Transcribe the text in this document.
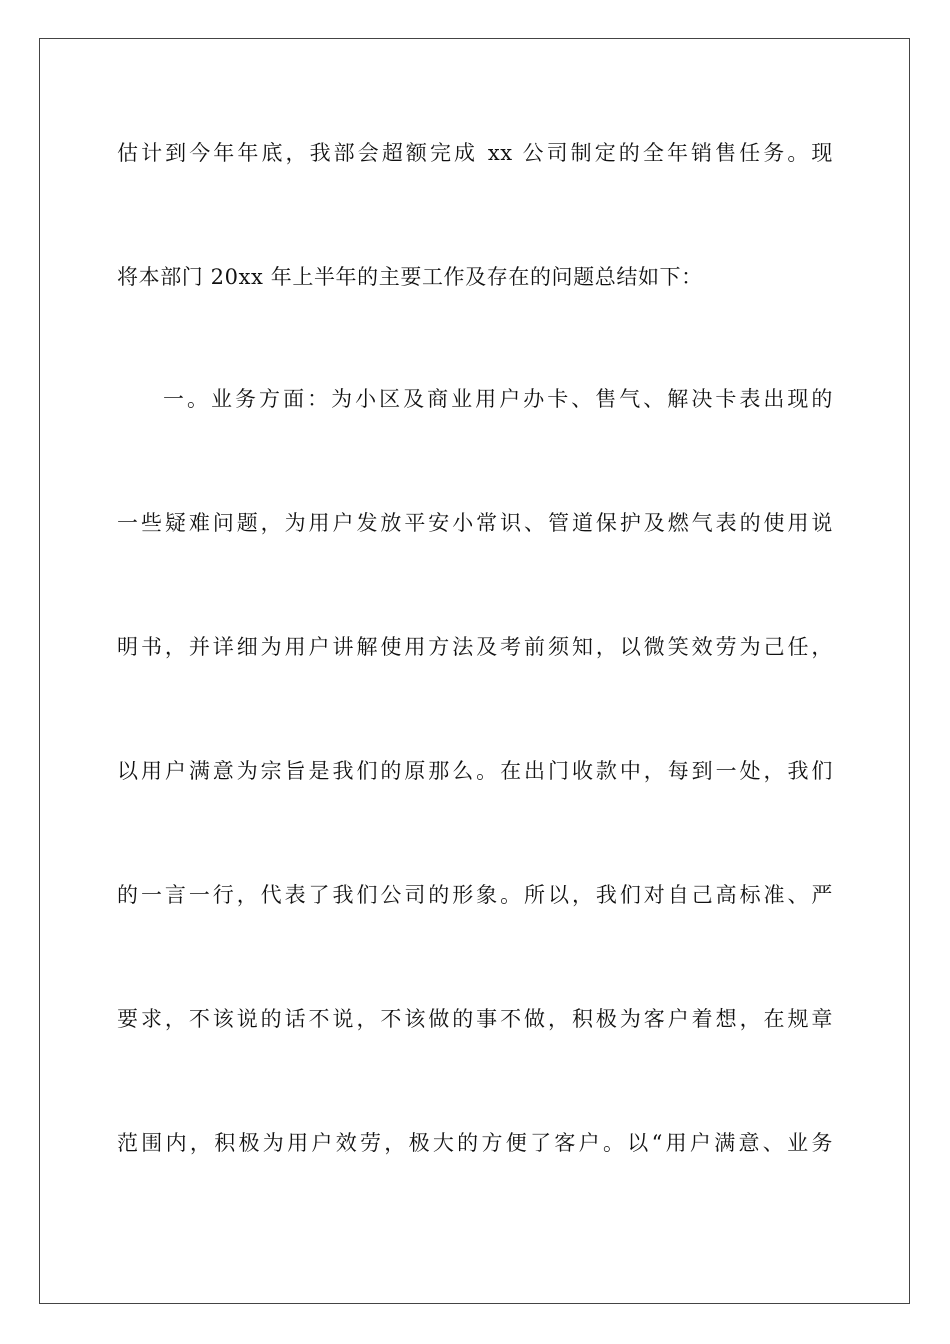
估计到今年年底，我部会超额完成 xx 公司制定的全年销售任务。现
将本部门 20xx 年上半年的主要工作及存在的问题总结如下：
一。业务方面：为小区及商业用户办卡、售气、解决卡表出现的
一些疑难问题，为用户发放平安小常识、管道保护及燃气表的使用说
明书，并详细为用户讲解使用方法及考前须知，以微笑效劳为己任，
以用户满意为宗旨是我们的原那么。在出门收款中，每到一处，我们
的一言一行，代表了我们公司的形象。所以，我们对自己高标准、严
要求，不该说的话不说，不该做的事不做，积极为客户着想，在规章
范围内，积极为用户效劳，极大的方便了客户。以“用户满意、业务
